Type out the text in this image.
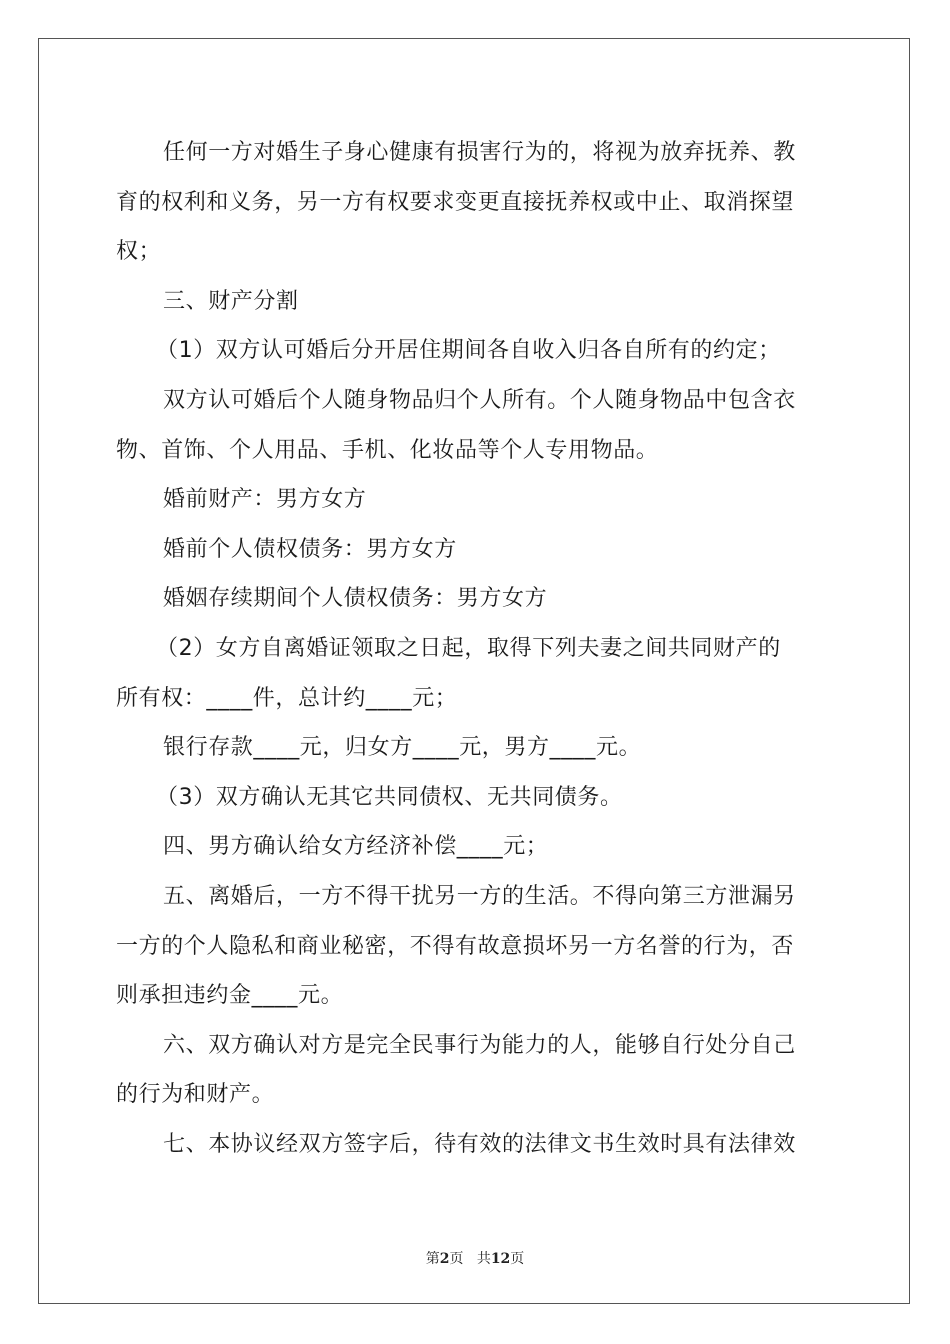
任何一方对婚生子身心健康有损害行为的，将视为放弃抚养、教
育的权利和义务，另一方有权要求变更直接抚养权或中止、取消探望
权；
三、财产分割
（1）双方认可婚后分开居住期间各自收入归各自所有的约定；
双方认可婚后个人随身物品归个人所有。个人随身物品中包含衣
物、首饰、个人用品、手机、化妆品等个人专用物品。
婚前财产：男方女方
婚前个人债权债务：男方女方
婚姻存续期间个人债权债务：男方女方
（2）女方自离婚证领取之日起，取得下列夫妻之间共同财产的
所有权：____件，总计约____元；
银行存款____元，归女方____元，男方____元。
（3）双方确认无其它共同债权、无共同债务。
四、男方确认给女方经济补偿____元；
五、离婚后，一方不得干扰另一方的生活。不得向第三方泄漏另
一方的个人隐私和商业秘密，不得有故意损坏另一方名誉的行为，否
则承担违约金____元。
六、双方确认对方是完全民事行为能力的人，能够自行处分自己
的行为和财产。
七、本协议经双方签字后，待有效的法律文书生效时具有法律效
第2页 共12页
